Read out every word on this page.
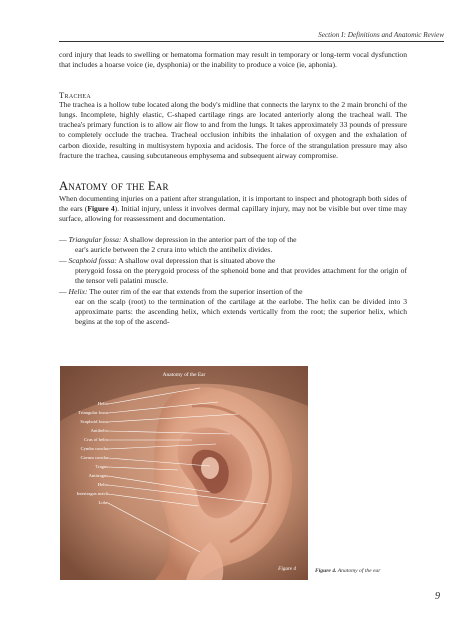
Section I: Definitions and Anatomic Review

cord injury that leads to swelling or hematoma formation may result in temporary or long-term vocal dysfunction that includes a hoarse voice (ie, dysphonia) or the inability to produce a voice (ie, aphonia).

Trachea

The trachea is a hollow tube located along the body's midline that connects the larynx to the 2 main bronchi of the lungs. Incomplete, highly elastic, C-shaped cartilage rings are located anteriorly along the tracheal wall. The trachea's primary function is to allow air flow to and from the lungs. It takes approximately 33 pounds of pressure to completely occlude the trachea. Tracheal occlusion inhibits the inhalation of oxygen and the exhalation of carbon dioxide, resulting in multisystem hypoxia and acidosis. The force of the strangulation pressure may also fracture the trachea, causing subcutaneous emphysema and subsequent airway compromise.

Anatomy of the Ear

When documenting injuries on a patient after strangulation, it is important to inspect and photograph both sides of the ears (Figure 4). Initial injury, unless it involves dermal capillary injury, may not be visible but over time may surface, allowing for reassessment and documentation.

— Triangular fossa: A shallow depression in the anterior part of the top of the
ear's auricle between the 2 crura into which the antihelix divides.

— Scaphoid fossa: A shallow oval depression that is situated above the
pterygoid fossa on the pterygoid process of the sphenoid bone and that provides attachment for the origin of the tensor veli palatini muscle.

— Helix: The outer rim of the ear that extends from the superior insertion of the
ear on the scalp (root) to the termination of the cartilage at the earlobe. The helix can be divided into 3 approximate parts: the ascending helix, which extends vertically from the root; the superior helix, which begins at the top of the ascend-

Anatomy of the Ear
Helix
Triangular fossa
Scaphoid fossa
Antihelix
Crus of helix
Cymba concha
Cavum concha
Tragus
Antitragus
Helix
Intertragus notch
Lobe
Figure 4	Figure 4. Anatomy of the ear
9
